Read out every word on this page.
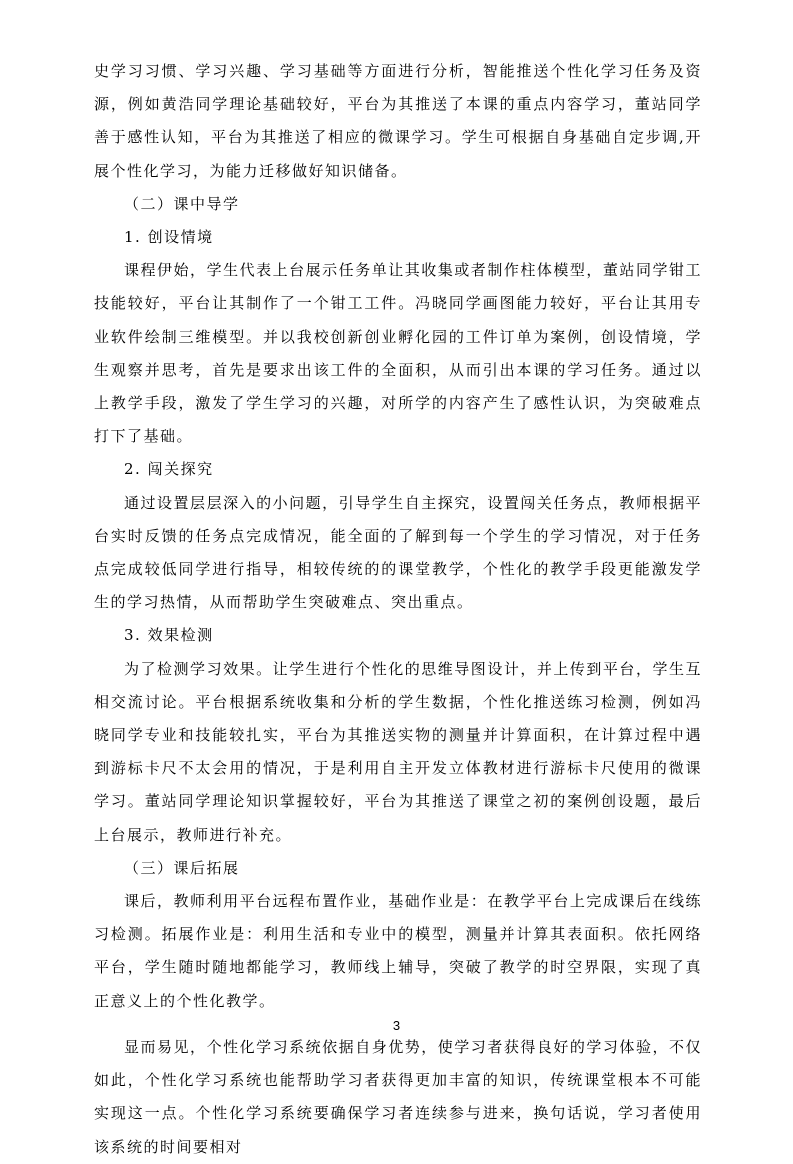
史学习习惯、学习兴趣、学习基础等方面进行分析，智能推送个性化学习任务及资源，例如黄浩同学理论基础较好，平台为其推送了本课的重点内容学习，董站同学善于感性认知，平台为其推送了相应的微课学习。学生可根据自身基础自定步调,开展个性化学习，为能力迁移做好知识储备。

（二）课中导学

1. 创设情境

课程伊始，学生代表上台展示任务单让其收集或者制作柱体模型，董站同学钳工技能较好，平台让其制作了一个钳工工件。冯晓同学画图能力较好，平台让其用专业软件绘制三维模型。并以我校创新创业孵化园的工件订单为案例，创设情境，学生观察并思考，首先是要求出该工件的全面积，从而引出本课的学习任务。通过以上教学手段，激发了学生学习的兴趣，对所学的内容产生了感性认识，为突破难点打下了基础。

2. 闯关探究

通过设置层层深入的小问题，引导学生自主探究，设置闯关任务点，教师根据平台实时反馈的任务点完成情况，能全面的了解到每一个学生的学习情况，对于任务点完成较低同学进行指导，相较传统的的课堂教学，个性化的教学手段更能激发学生的学习热情，从而帮助学生突破难点、突出重点。

3. 效果检测

为了检测学习效果。让学生进行个性化的思维导图设计，并上传到平台，学生互相交流讨论。平台根据系统收集和分析的学生数据，个性化推送练习检测，例如冯晓同学专业和技能较扎实，平台为其推送实物的测量并计算面积，在计算过程中遇到游标卡尺不太会用的情况，于是利用自主开发立体教材进行游标卡尺使用的微课学习。董站同学理论知识掌握较好，平台为其推送了课堂之初的案例创设题，最后上台展示，教师进行补充。

（三）课后拓展

课后，教师利用平台远程布置作业，基础作业是：在教学平台上完成课后在线练习检测。拓展作业是：利用生活和专业中的模型，测量并计算其表面积。依托网络平台，学生随时随地都能学习，教师线上辅导，突破了教学的时空界限，实现了真正意义上的个性化教学。

显而易见，个性化学习系统依据自身优势，使学习者获得良好的学习体验，不仅如此，个性化学习系统也能帮助学习者获得更加丰富的知识，传统课堂根本不可能实现这一点。个性化学习系统要确保学习者连续参与进来，换句话说，学习者使用该系统的时间要相对

3
